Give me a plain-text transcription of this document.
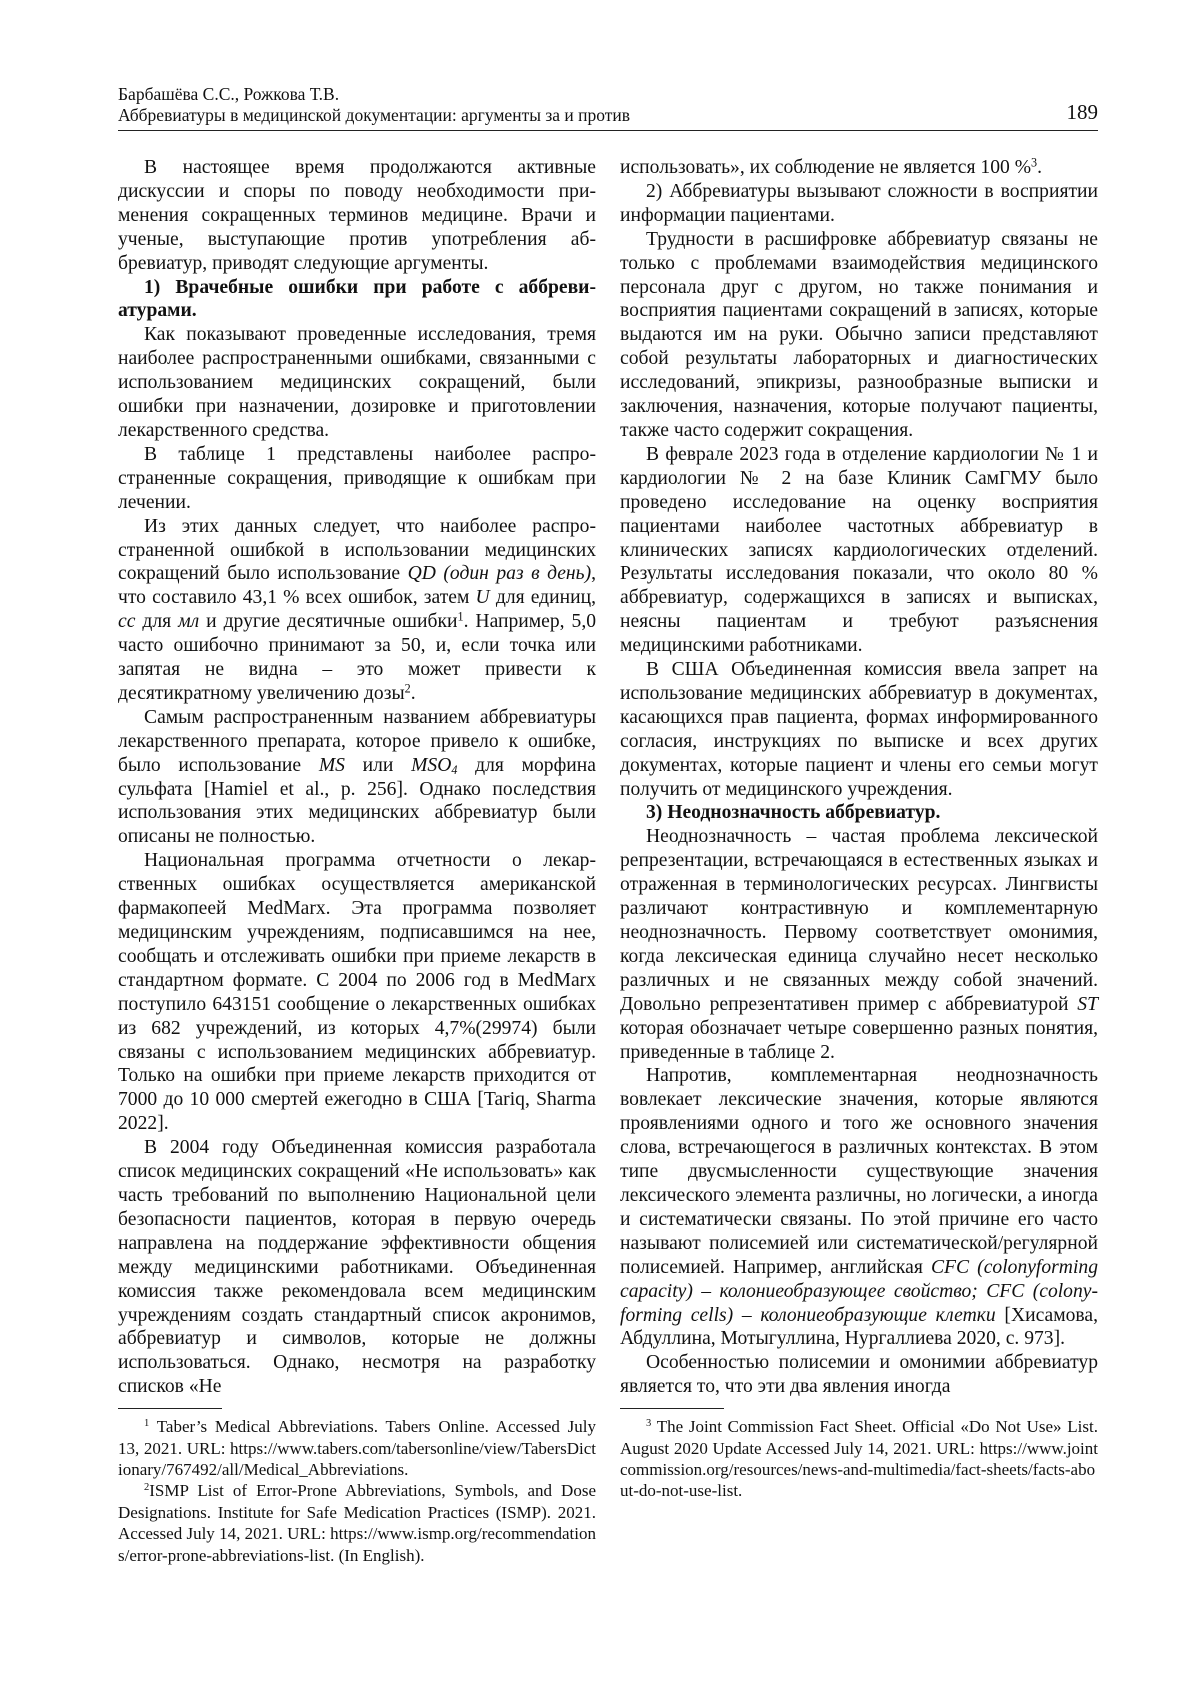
Барбашёва С.С., Рожкова Т.В.
Аббревиатуры в медицинской документации: аргументы за и против	189

В настоящее время продолжаются активные дискуссии и споры по поводу необходимости применения сокращенных терминов медицине. Врачи и ученые, выступающие против употребления аббревиатур, приводят следующие аргументы.

1) Врачебные ошибки при работе с аббревиатурами.

Как показывают проведенные исследования, тремя наиболее распространенными ошибками, связанными с использованием медицинских сокращений, были ошибки при назначении, дозировке и приготовлении лекарственного средства.

В таблице 1 представлены наиболее распространенные сокращения, приводящие к ошибкам при лечении.

Из этих данных следует, что наиболее распространенной ошибкой в использовании медицинских сокращений было использование QD (один раз в день), что составило 43,1 % всех ошибок, затем U для единиц, cc для мл и другие десятичные ошибки$^1$. Например, 5,0 часто ошибочно принимают за 50, и, если точка или запятая не видна – это может привести к десятикратному увеличению дозы$^2$.

Самым распространенным названием аббревиатуры лекарственного препарата, которое привело к ошибке, было использование MS или $MSO_4$ для морфина сульфата [Hamiel et al., p. 256]. Однако последствия использования этих медицинских аббревиатур были описаны не полностью.

Национальная программа отчетности о лекарственных ошибках осуществляется американской фармакопеей MedMarx. Эта программа позволяет медицинским учреждениям, подписавшимся на нее, сообщать и отслеживать ошибки при приеме лекарств в стандартном формате. С 2004 по 2006 год в MedMarx поступило 643151 сообщение о лекарственных ошибках из 682 учреждений, из которых 4,7%(29974) были связаны с использованием медицинских аббревиатур. Только на ошибки при приеме лекарств приходится от 7000 до 10 000 смертей ежегодно в США [Tariq, Sharma 2022].

В 2004 году Объединенная комиссия разработала список медицинских сокращений «Не использовать» как часть требований по выполнению Национальной цели безопасности пациентов, которая в первую очередь направлена на поддержание эффективности общения между медицинскими работниками. Объединенная комиссия также рекомендовала всем медицинским учреждениям создать стандартный список акронимов, аббревиатур и символов, которые не должны использоваться. Однако, несмотря на разработку списков «Не

$^1$ Taber’s Medical Abbreviations. Tabers Online. Accessed July 13, 2021. URL: https://www.tabers.com/tabersonline/view/TabersDictionary/767492/all/Medical_Abbreviations.

$^2$ISMP List of Error-Prone Abbreviations, Symbols, and Dose Designations. Institute for Safe Medication Practices (ISMP). 2021. Accessed July 14, 2021. URL: https://www.ismp.org/recommendations/error-prone-abbreviations-list. (In English).

использовать», их соблюдение не является 100 %$^3$.

2) Аббревиатуры вызывают сложности в восприятии информации пациентами.

Трудности в расшифровке аббревиатур связаны не только с проблемами взаимодействия медицинского персонала друг с другом, но также понимания и восприятия пациентами сокращений в записях, которые выдаются им на руки. Обычно записи представляют собой результаты лабораторных и диагностических исследований, эпикризы, разнообразные выписки и заключения, назначения, которые получают пациенты, также часто содержит сокращения.

В феврале 2023 года в отделение кардиологии № 1 и кардиологии № 2 на базе Клиник СамГМУ было проведено исследование на оценку восприятия пациентами наиболее частотных аббревиатур в клинических записях кардиологических отделений. Результаты исследования показали, что около 80 % аббревиатур, содержащихся в записях и выписках, неясны пациентам и требуют разъяснения медицинскими работниками.

В США Объединенная комиссия ввела запрет на использование медицинских аббревиатур в документах, касающихся прав пациента, формах информированного согласия, инструкциях по выписке и всех других документах, которые пациент и члены его семьи могут получить от медицинского учреждения.

3) Неоднозначность аббревиатур.

Неоднозначность – частая проблема лексической репрезентации, встречающаяся в естественных языках и отраженная в терминологических ресурсах. Лингвисты различают контрастивную и комплементарную неоднозначность. Первому соответствует омонимия, когда лексическая единица случайно несет несколько различных и не связанных между собой значений. Довольно репрезентативен пример с аббревиатурой ST которая обозначает четыре совершенно разных понятия, приведенные в таблице 2.

Напротив, комплементарная неоднозначность вовлекает лексические значения, которые являются проявлениями одного и того же основного значения слова, встречающегося в различных контекстах. В этом типе двусмысленности существующие значения лексического элемента различны, но логически, а иногда и систематически связаны. По этой причине его часто называют полисемией или систематической/регулярной полисемией. Например, английская CFC (colonyforming capacity) – колониеобразующее свойство; CFC (colonyforming cells) – колониеобразующие клетки [Хисамова, Абдуллина, Мотыгуллина, Нургаллиева 2020, с. 973].

Особенностью полисемии и омонимии аббревиатур является то, что эти два явления иногда

$^3$ The Joint Commission Fact Sheet. Official «Do Not Use» List. August 2020 Update Accessed July 14, 2021. URL: https://www.jointcommission.org/resources/news-and-multimedia/fact-sheets/facts-about-do-not-use-list.
